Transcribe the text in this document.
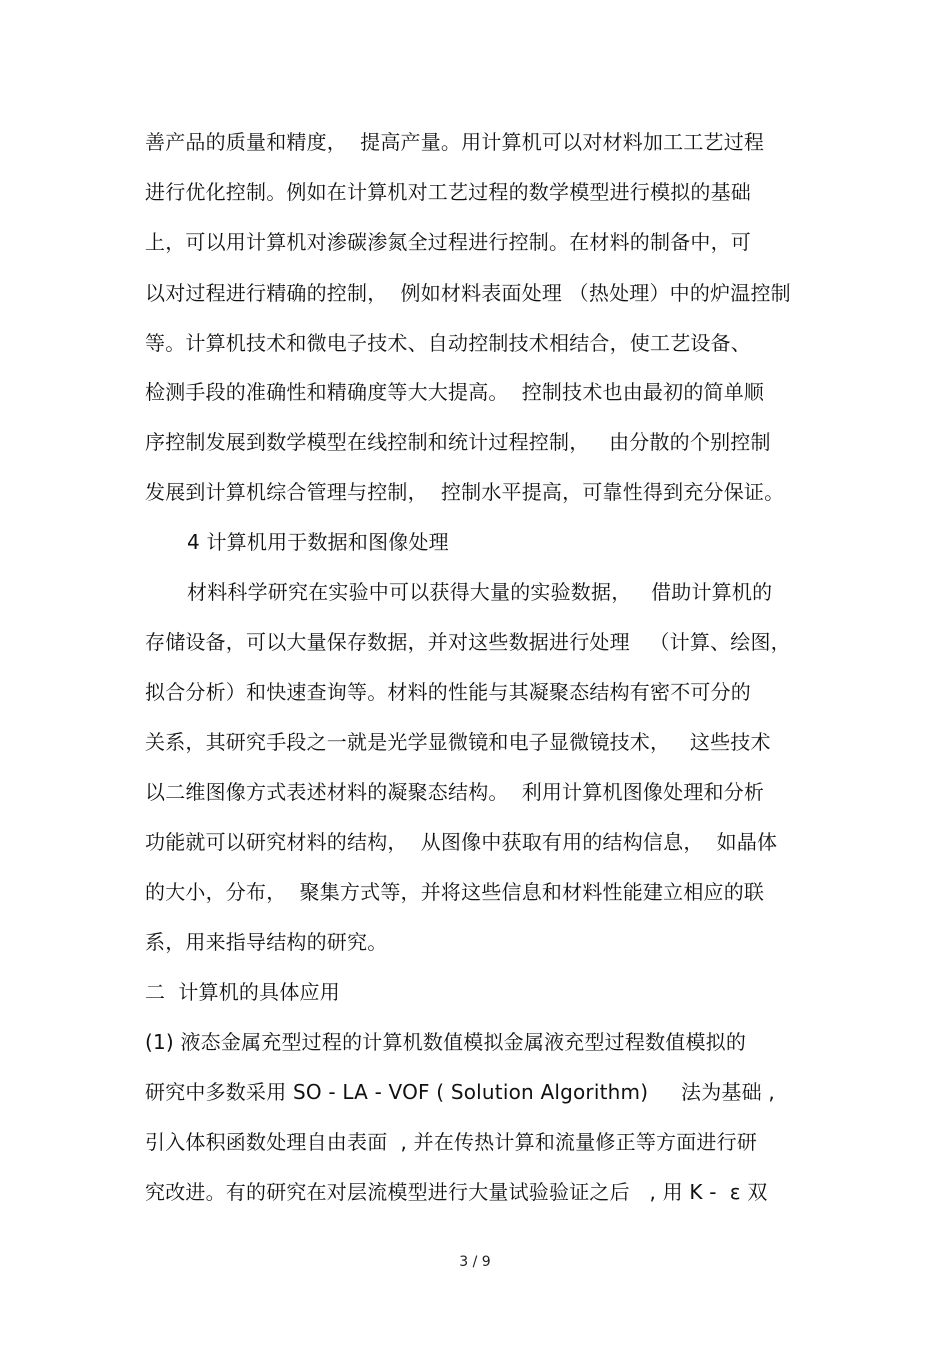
善产品的质量和精度，  提高产量。用计算机可以对材料加工工艺过程
进行优化控制。例如在计算机对工艺过程的数学模型进行模拟的基础
上，可以用计算机对渗碳渗氮全过程进行控制。在材料的制备中，可
以对过程进行精确的控制，  例如材料表面处理 （热处理）中的炉温控制
等。计算机技术和微电子技术、自动控制技术相结合，使工艺设备、
检测手段的准确性和精确度等大大提高。  控制技术也由最初的简单顺
序控制发展到数学模型在线控制和统计过程控制，   由分散的个别控制
发展到计算机综合管理与控制，  控制水平提高，可靠性得到充分保证。
4 计算机用于数据和图像处理
材料科学研究在实验中可以获得大量的实验数据，   借助计算机的
存储设备，可以大量保存数据，并对这些数据进行处理   （计算、绘图，
拟合分析）和快速查询等。材料的性能与其凝聚态结构有密不可分的
关系，其研究手段之一就是光学显微镜和电子显微镜技术，   这些技术
以二维图像方式表述材料的凝聚态结构。  利用计算机图像处理和分析
功能就可以研究材料的结构，  从图像中获取有用的结构信息，  如晶体
的大小，分布，  聚集方式等，并将这些信息和材料性能建立相应的联
系，用来指导结构的研究。
二  计算机的具体应用
(1) 液态金属充型过程的计算机数值模拟金属液充型过程数值模拟的
研究中多数采用 SO - LA - VOF ( Solution Algorithm)     法为基础 ,
引入体积函数处理自由表面  , 并在传热计算和流量修正等方面进行研
究改进。有的研究在对层流模型进行大量试验验证之后   , 用 K -  ε 双
3 / 9
